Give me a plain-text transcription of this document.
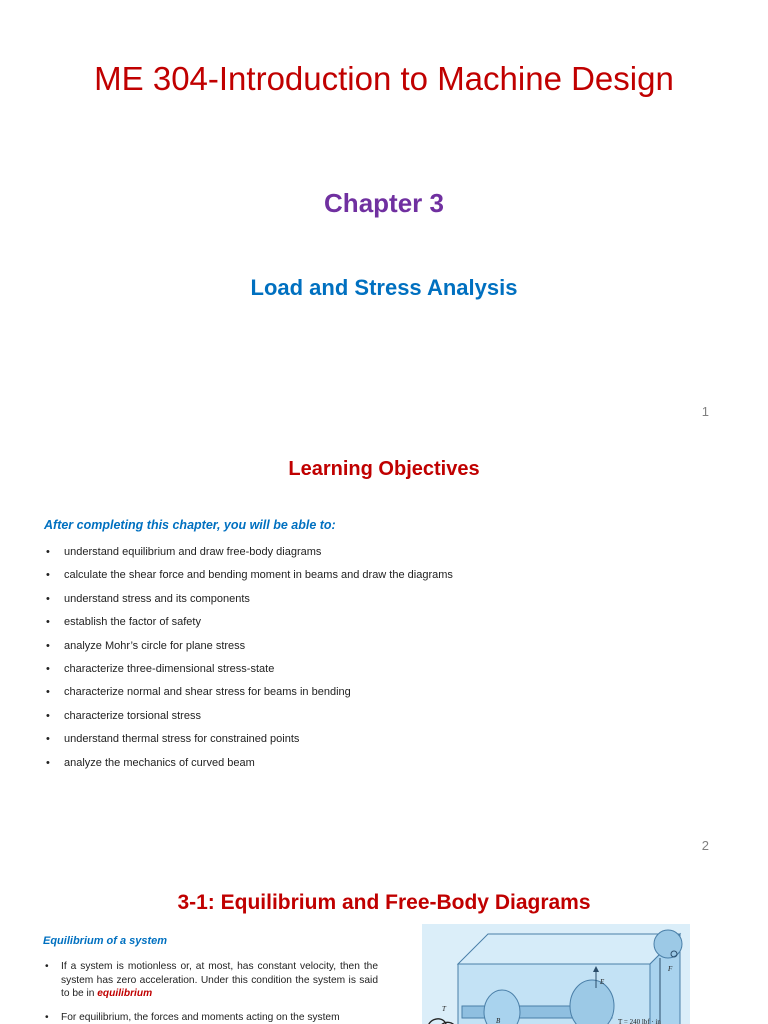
ME 304-Introduction to Machine Design
Chapter 3
Load and Stress Analysis
1
Learning Objectives
After completing this chapter, you will be able to:
• understand equilibrium and draw free-body diagrams
• calculate the shear force and bending moment in beams and draw the diagrams
• understand stress and its components
• establish the factor of safety
• analyze Mohr’s circle for plane stress
• characterize three-dimensional stress-state
• characterize normal and shear stress for beams in bending
• characterize torsional stress
• understand thermal stress for constrained points
• analyze the mechanics of curved beam
2
3-1: Equilibrium and Free-Body Diagrams
Equilibrium of a system
• If a system is motionless or, at most, has constant velocity, then the system has zero acceleration. Under this condition the system is said to be in equilibrium
• For equilibrium, the forces and moments acting on the system
F
E
B
T
T = 240 lbf · in
